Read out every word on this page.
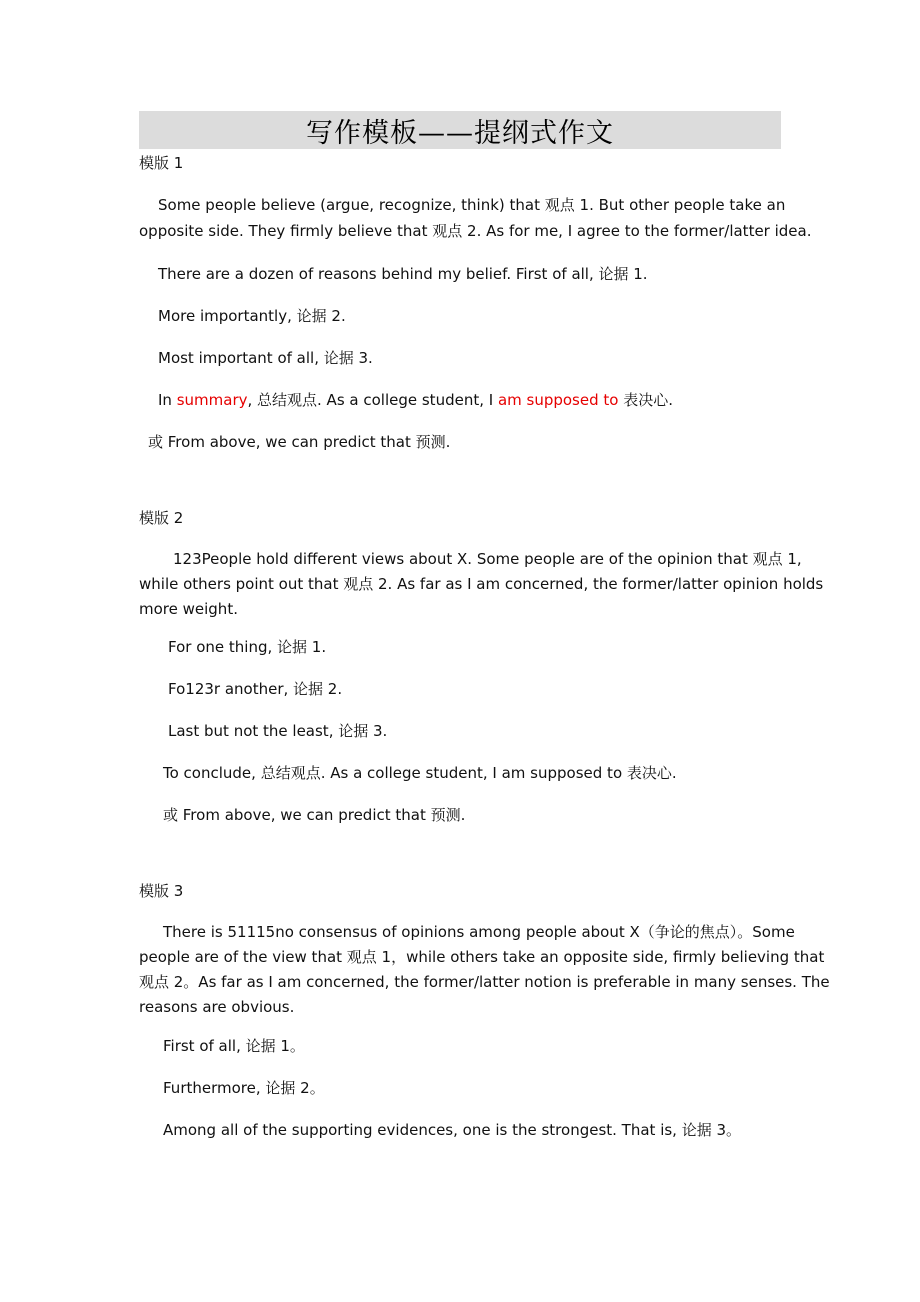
写作模板——提纲式作文
模版 1
Some people believe (argue, recognize, think) that 观点 1. But other people take an
opposite side. They firmly believe that 观点 2. As for me, I agree to the former/latter idea.
There are a dozen of reasons behind my belief. First of all, 论据 1.
More importantly, 论据 2.
Most important of all, 论据 3.
In summary, 总结观点. As a college student, I am supposed to 表决心.
或 From above, we can predict that 预测.
模版 2
123People hold different views about X. Some people are of the opinion that 观点 1,
while others point out that 观点 2. As far as I am concerned, the former/latter opinion holds
more weight.
For one thing, 论据 1.
Fo123r another, 论据 2.
Last but not the least, 论据 3.
To conclude, 总结观点. As a college student, I am supposed to 表决心.
或 From above, we can predict that 预测.
模版 3
There is 51115no consensus of opinions among people about X（争论的焦点）。Some
people are of the view that 观点 1，while others take an opposite side, firmly believing that
观点 2。As far as I am concerned, the former/latter notion is preferable in many senses. The
reasons are obvious.
First of all, 论据 1。
Furthermore, 论据 2。
Among all of the supporting evidences, one is the strongest. That is, 论据 3。
